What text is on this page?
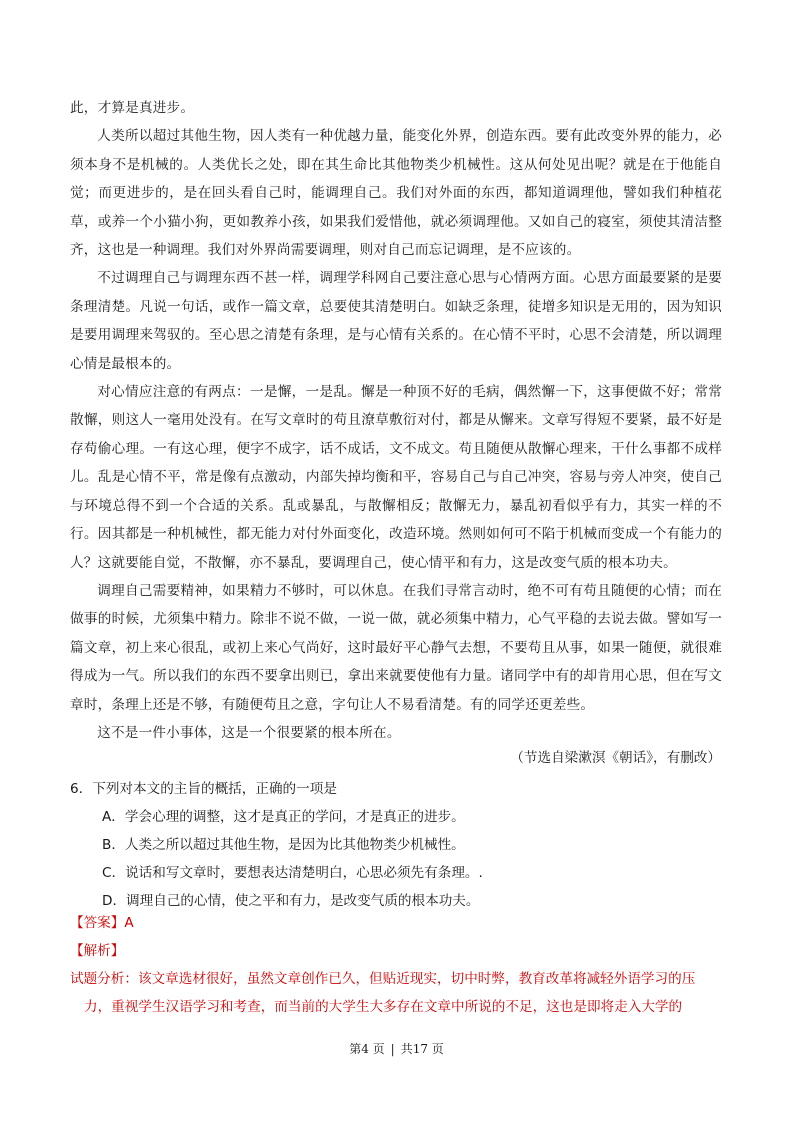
此，才算是真进步。

人类所以超过其他生物，因人类有一种优越力量，能变化外界，创造东西。要有此改变外界的能力，必须本身不是机械的。人类优长之处，即在其生命比其他物类少机械性。这从何处见出呢？就是在于他能自觉；而更进步的，是在回头看自己时，能调理自己。我们对外面的东西，都知道调理他，譬如我们种植花草，或养一个小猫小狗，更如教养小孩，如果我们爱惜他，就必须调理他。又如自己的寝室，须使其清洁整齐，这也是一种调理。我们对外界尚需要调理，则对自己而忘记调理，是不应该的。

不过调理自己与调理东西不甚一样，调理学科网自己要注意心思与心情两方面。心思方面最要紧的是要条理清楚。凡说一句话，或作一篇文章，总要使其清楚明白。如缺乏条理，徒增多知识是无用的，因为知识是要用调理来驾驭的。至心思之清楚有条理，是与心情有关系的。在心情不平时，心思不会清楚，所以调理心情是最根本的。

对心情应注意的有两点：一是懈，一是乱。懈是一种顶不好的毛病，偶然懈一下，这事便做不好；常常散懈，则这人一毫用处没有。在写文章时的苟且潦草敷衍对付，都是从懈来。文章写得短不要紧，最不好是存苟偷心理。一有这心理，便字不成字，话不成话，文不成文。苟且随便从散懈心理来，干什么事都不成样儿。乱是心情不平，常是像有点激动，内部失掉均衡和平，容易自己与自己冲突，容易与旁人冲突，使自己与环境总得不到一个合适的关系。乱或暴乱，与散懈相反；散懈无力，暴乱初看似乎有力，其实一样的不行。因其都是一种机械性，都无能力对付外面变化，改造环境。然则如何可不陷于机械而变成一个有能力的人？这就要能自觉，不散懈，亦不暴乱，要调理自己，使心情平和有力，这是改变气质的根本功夫。

调理自己需要精神，如果精力不够时，可以休息。在我们寻常言动时，绝不可有苟且随便的心情；而在做事的时候，尤须集中精力。除非不说不做，一说一做，就必须集中精力，心气平稳的去说去做。譬如写一篇文章，初上来心很乱，或初上来心气尚好，这时最好平心静气去想，不要苟且从事，如果一随便，就很难得成为一气。所以我们的东西不要拿出则已，拿出来就要使他有力量。诸同学中有的却肯用心思，但在写文章时，条理上还是不够，有随便苟且之意，字句让人不易看清楚。有的同学还更差些。

这不是一件小事体，这是一个很要紧的根本所在。

（节选自梁漱溟《朝话》，有删改）

6．下列对本文的主旨的概括，正确的一项是

A．学会心理的调整，这才是真正的学问，才是真正的进步。

B．人类之所以超过其他生物，是因为比其他物类少机械性。

C．说话和写文章时，要想表达清楚明白，心思必须先有条理。.

D．调理自己的心情，使之平和有力，是改变气质的根本功夫。

【答案】A

【解析】

试题分析：该文章选材很好，虽然文章创作已久，但贴近现实，切中时弊，教育改革将减轻外语学习的压

力，重视学生汉语学习和考查，而当前的大学生大多存在文章中所说的不足，这也是即将走入大学的

第4 页 | 共17 页
